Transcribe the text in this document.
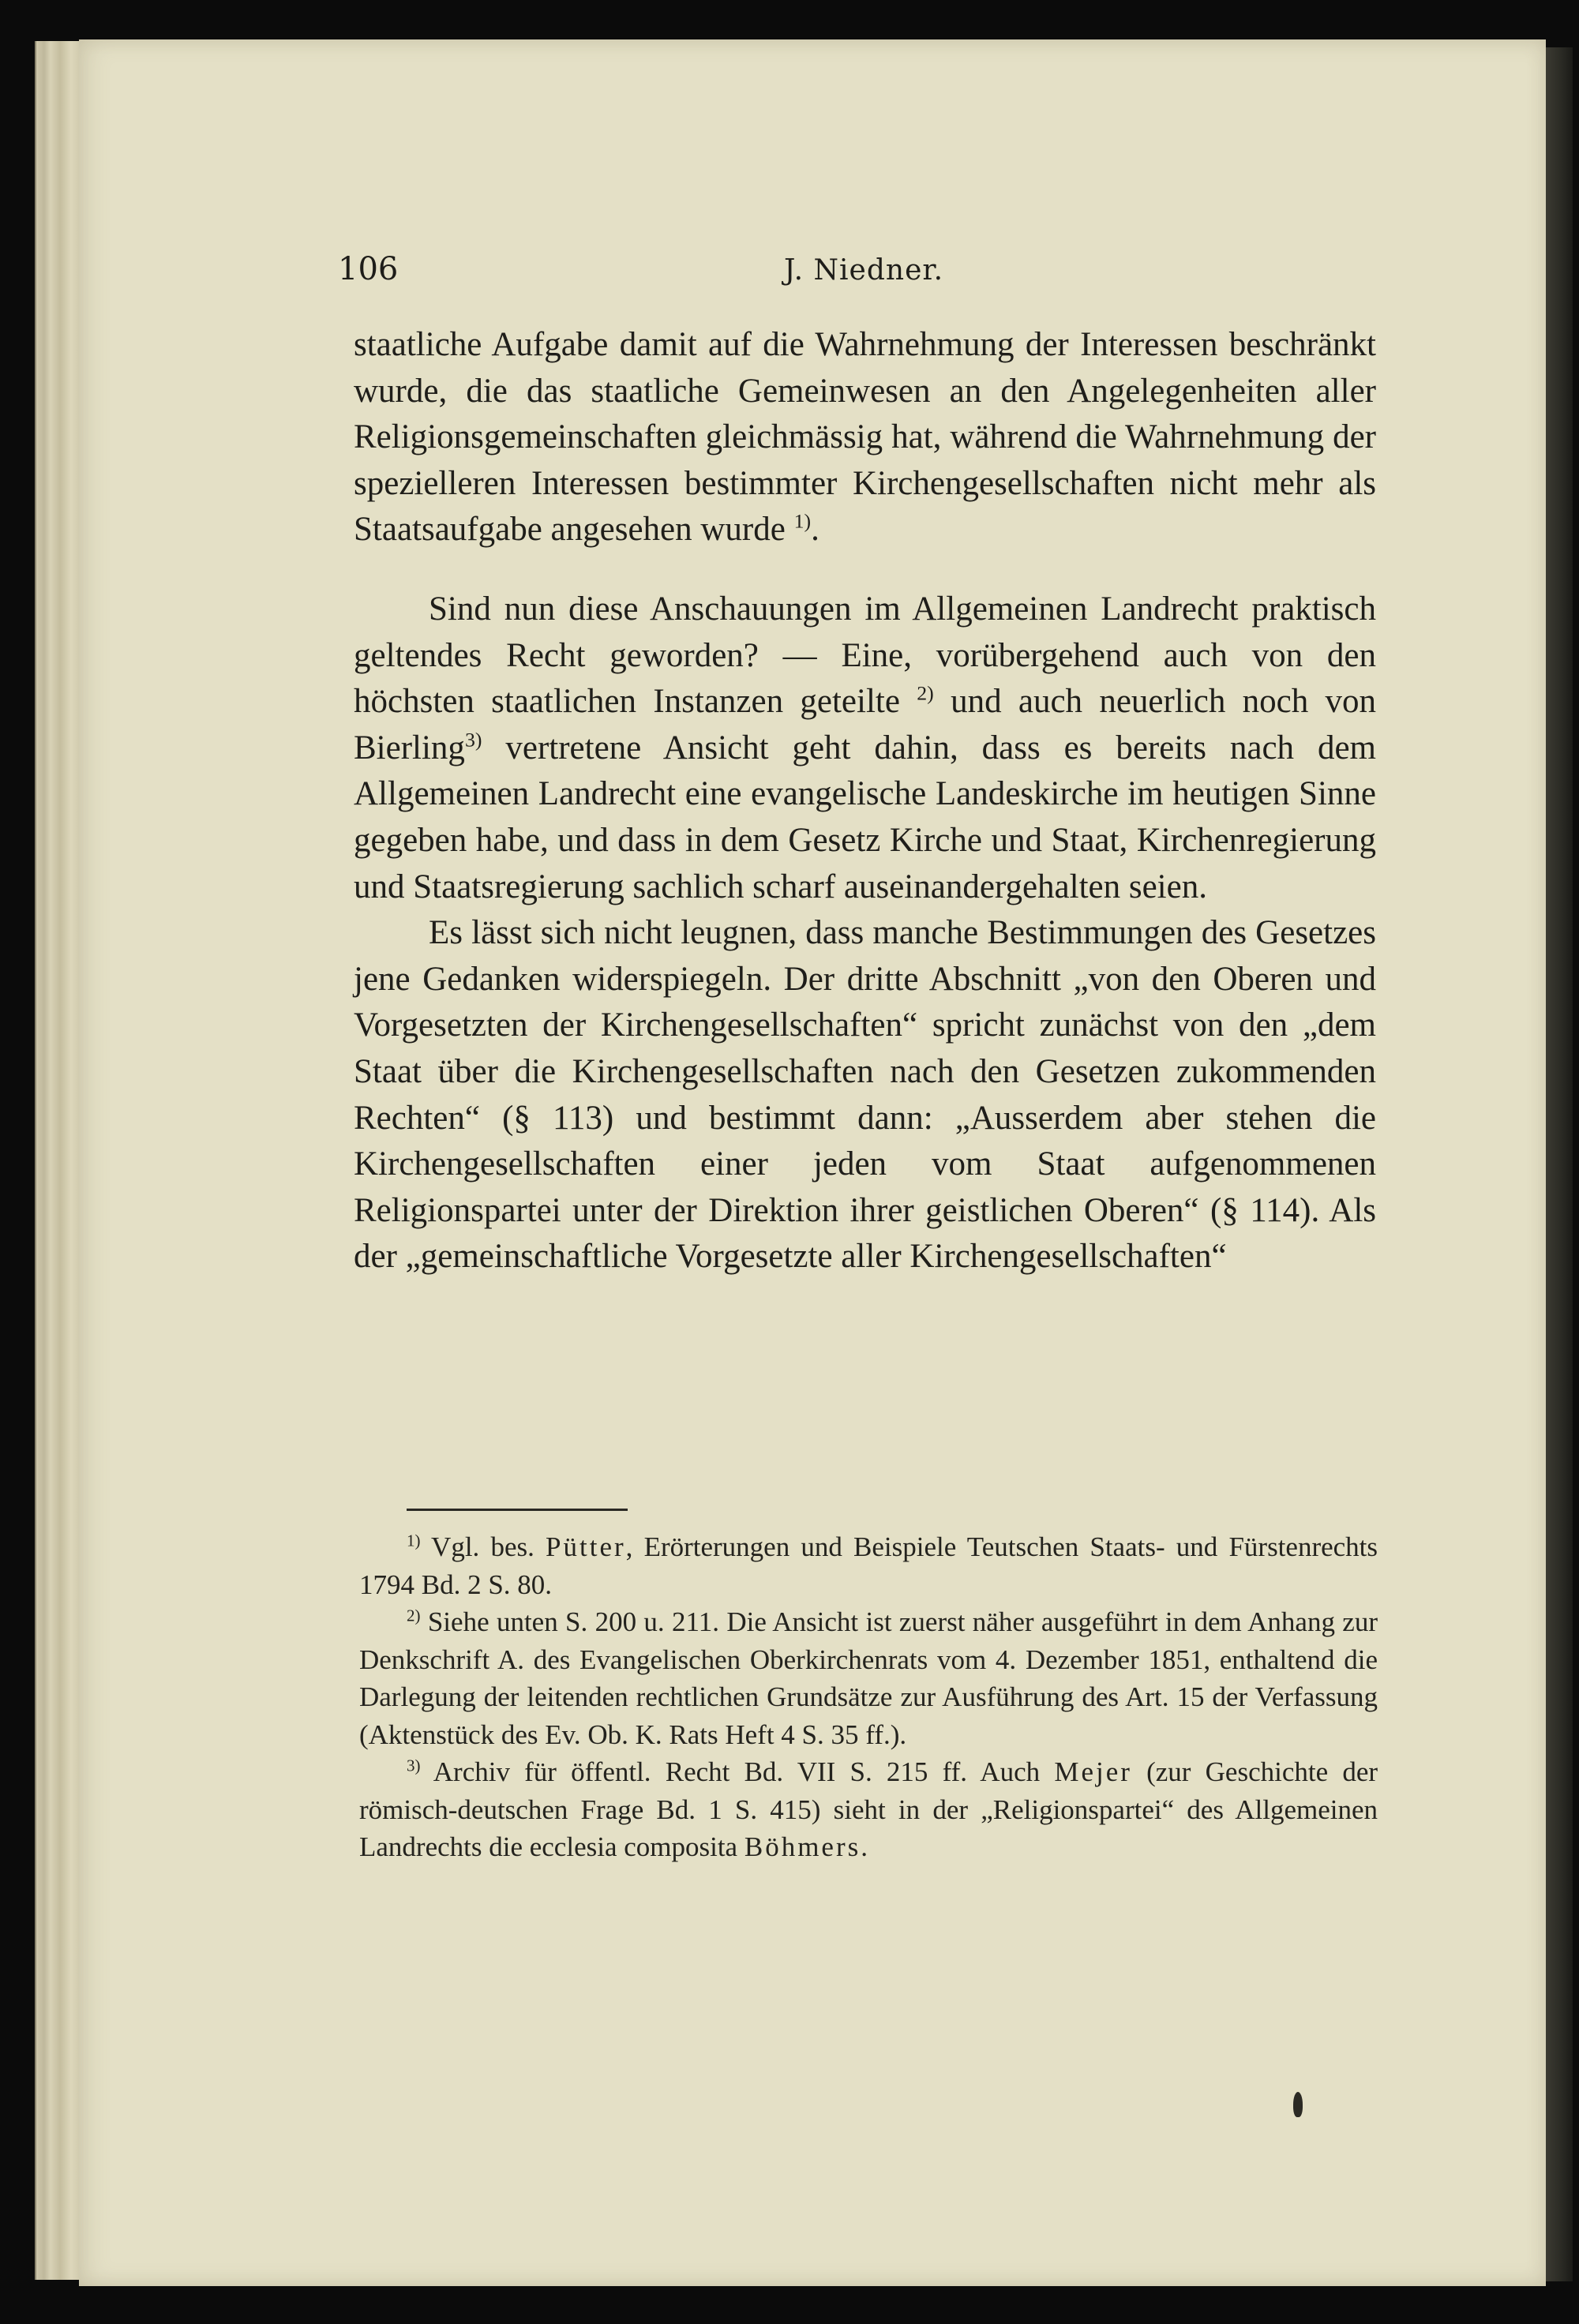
106	J. Niedner.

staatliche Aufgabe damit auf die Wahrnehmung der Interessen beschränkt wurde, die das staatliche Gemeinwesen an den Angelegenheiten aller Religionsgemeinschaften gleichmässig hat, während die Wahrnehmung der spezielleren Interessen bestimmter Kirchengesellschaften nicht mehr als Staatsaufgabe angesehen wurde $^{1)}$.

Sind nun diese Anschauungen im Allgemeinen Landrecht praktisch geltendes Recht geworden? — Eine, vorübergehend auch von den höchsten staatlichen Instanzen geteilte $^{2)}$ und auch neuerlich noch von Bierling$^{3)}$ vertretene Ansicht geht dahin, dass es bereits nach dem Allgemeinen Landrecht eine evangelische Landeskirche im heutigen Sinne gegeben habe, und dass in dem Gesetz Kirche und Staat, Kirchenregierung und Staatsregierung sachlich scharf auseinandergehalten seien.

Es lässt sich nicht leugnen, dass manche Bestimmungen des Gesetzes jene Gedanken widerspiegeln. Der dritte Abschnitt „von den Oberen und Vorgesetzten der Kirchengesellschaften“ spricht zunächst von den „dem Staat über die Kirchengesellschaften nach den Gesetzen zukommenden Rechten“ (§ 113) und bestimmt dann: „Ausserdem aber stehen die Kirchengesellschaften einer jeden vom Staat aufgenommenen Religionspartei unter der Direktion ihrer geistlichen Oberen“ (§ 114). Als der „gemeinschaftliche Vorgesetzte aller Kirchengesellschaften“

$^{1)}$ Vgl. bes. Pütter, Erörterungen und Beispiele Teutschen Staats- und Fürstenrechts 1794 Bd. 2 S. 80.

$^{2)}$ Siehe unten S. 200 u. 211. Die Ansicht ist zuerst näher ausgeführt in dem Anhang zur Denkschrift A. des Evangelischen Oberkirchenrats vom 4. Dezember 1851, enthaltend die Darlegung der leitenden rechtlichen Grundsätze zur Ausführung des Art. 15 der Verfassung (Aktenstück des Ev. Ob. K. Rats Heft 4 S. 35 ff.).

$^{3)}$ Archiv für öffentl. Recht Bd. VII S. 215 ff. Auch Mejer (zur Geschichte der römisch-deutschen Frage Bd. 1 S. 415) sieht in der „Religionspartei“ des Allgemeinen Landrechts die ecclesia composita Böhmers.
